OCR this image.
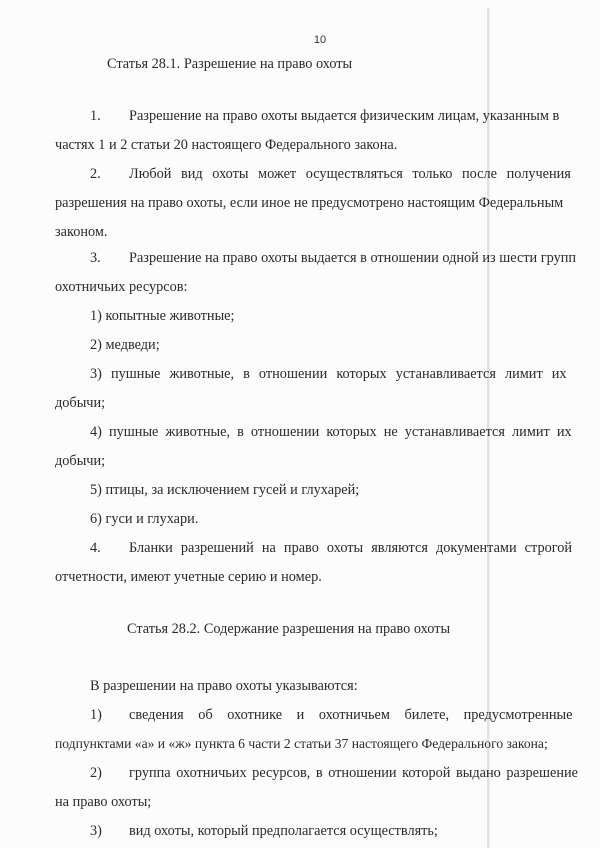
10
Статья 28.1. Разрешение на право охоты
1. Разрешение на право охоты выдается физическим лицам, указанным в
частях 1 и 2 статьи 20 настоящего Федерального закона.
2. Любой вид охоты может осуществляться только после получения
разрешения на право охоты, если иное не предусмотрено настоящим Федеральным
законом.
3. Разрешение на право охоты выдается в отношении одной из шести групп
охотничьих ресурсов:
1) копытные животные;
2) медведи;
3) пушные животные, в отношении которых устанавливается лимит их
добычи;
4) пушные животные, в отношении которых не устанавливается лимит их
добычи;
5) птицы, за исключением гусей и глухарей;
6) гуси и глухари.
4. Бланки разрешений на право охоты являются документами строгой
отчетности, имеют учетные серию и номер.
Статья 28.2. Содержание разрешения на право охоты
В разрешении на право охоты указываются:
1) сведения об охотнике и охотничьем билете, предусмотренные
подпунктами «а» и «ж» пункта 6 части 2 статьи 37 настоящего Федерального закона;
2) группа охотничьих ресурсов, в отношении которой выдано разрешение
на право охоты;
3) вид охоты, который предполагается осуществлять;
